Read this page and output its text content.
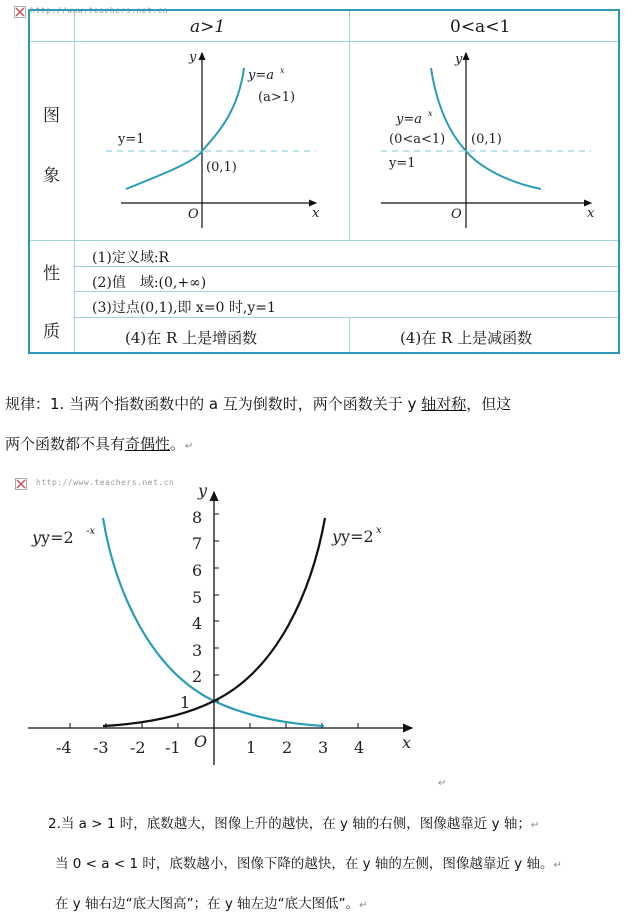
http://www.teachers.net.cn
a>1	0<a<1
图
象
性
质
y
x
O
y=a x
(a>1)
y=1
(0,1)
y
x
O
y=a x
(0<a<1)
y=1
(0,1)
(1)定义域:R
(2)值　域:(0,+∞)
(3)过点(0,1),即 x=0 时,y=1
(4)在 R 上是增函数	(4)在 R 上是减函数
规律：1. 当两个指数函数中的 a 互为倒数时，两个函数关于 y 轴对称，但这
两个函数都不具有奇偶性。↵
http://www.teachers.net.cn
-4 -3 -2 -1	1 2 3 4
1
2
3
4
5
6
7
8
O
y
x
yy=2 -x	yy=2 x
↵
2.当 a > 1 时，底数越大，图像上升的越快，在 y 轴的右侧，图像越靠近 y 轴；↵
当 0 < a < 1 时，底数越小，图像下降的越快，在 y 轴的左侧，图像越靠近 y 轴。↵
在 y 轴右边“底大图高”；在 y 轴左边“底大图低”。↵
